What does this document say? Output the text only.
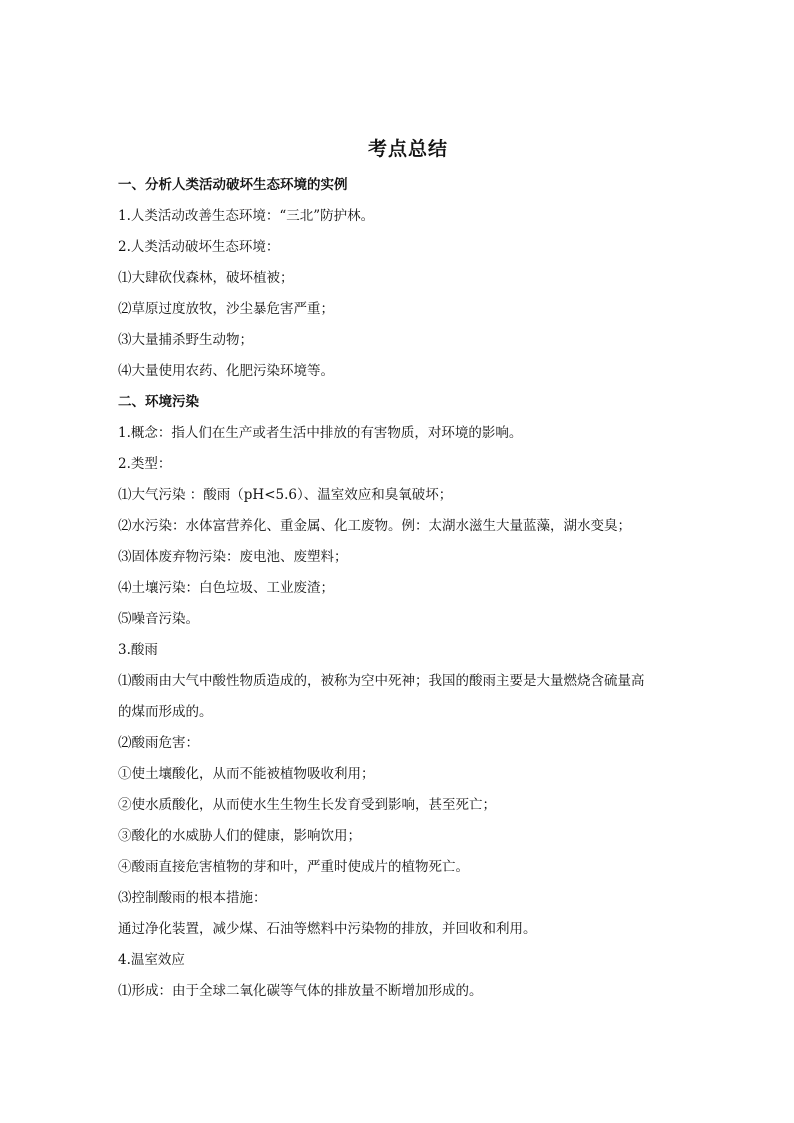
考点总结
一、分析人类活动破坏生态环境的实例
1.人类活动改善生态环境：“三北”防护林。
2.人类活动破坏生态环境：
⑴大肆砍伐森林，破坏植被；
⑵草原过度放牧，沙尘暴危害严重；
⑶大量捕杀野生动物；
⑷大量使用农药、化肥污染环境等。
二、环境污染
1.概念：指人们在生产或者生活中排放的有害物质，对环境的影响。
2.类型：
⑴大气污染 ：酸雨（pH<5.6）、温室效应和臭氧破坏；
⑵水污染：水体富营养化、重金属、化工废物。例：太湖水滋生大量蓝藻，湖水变臭；
⑶固体废弃物污染：废电池、废塑料；
⑷土壤污染：白色垃圾、工业废渣；
⑸噪音污染。
3.酸雨
⑴酸雨由大气中酸性物质造成的，被称为空中死神；我国的酸雨主要是大量燃烧含硫量高
的煤而形成的。
⑵酸雨危害：
①使土壤酸化，从而不能被植物吸收利用；
②使水质酸化，从而使水生生物生长发育受到影响，甚至死亡；
③酸化的水威胁人们的健康，影响饮用；
④酸雨直接危害植物的芽和叶，严重时使成片的植物死亡。
⑶控制酸雨的根本措施：
通过净化装置，减少煤、石油等燃料中污染物的排放，并回收和利用。
4.温室效应
⑴形成：由于全球二氧化碳等气体的排放量不断增加形成的。
